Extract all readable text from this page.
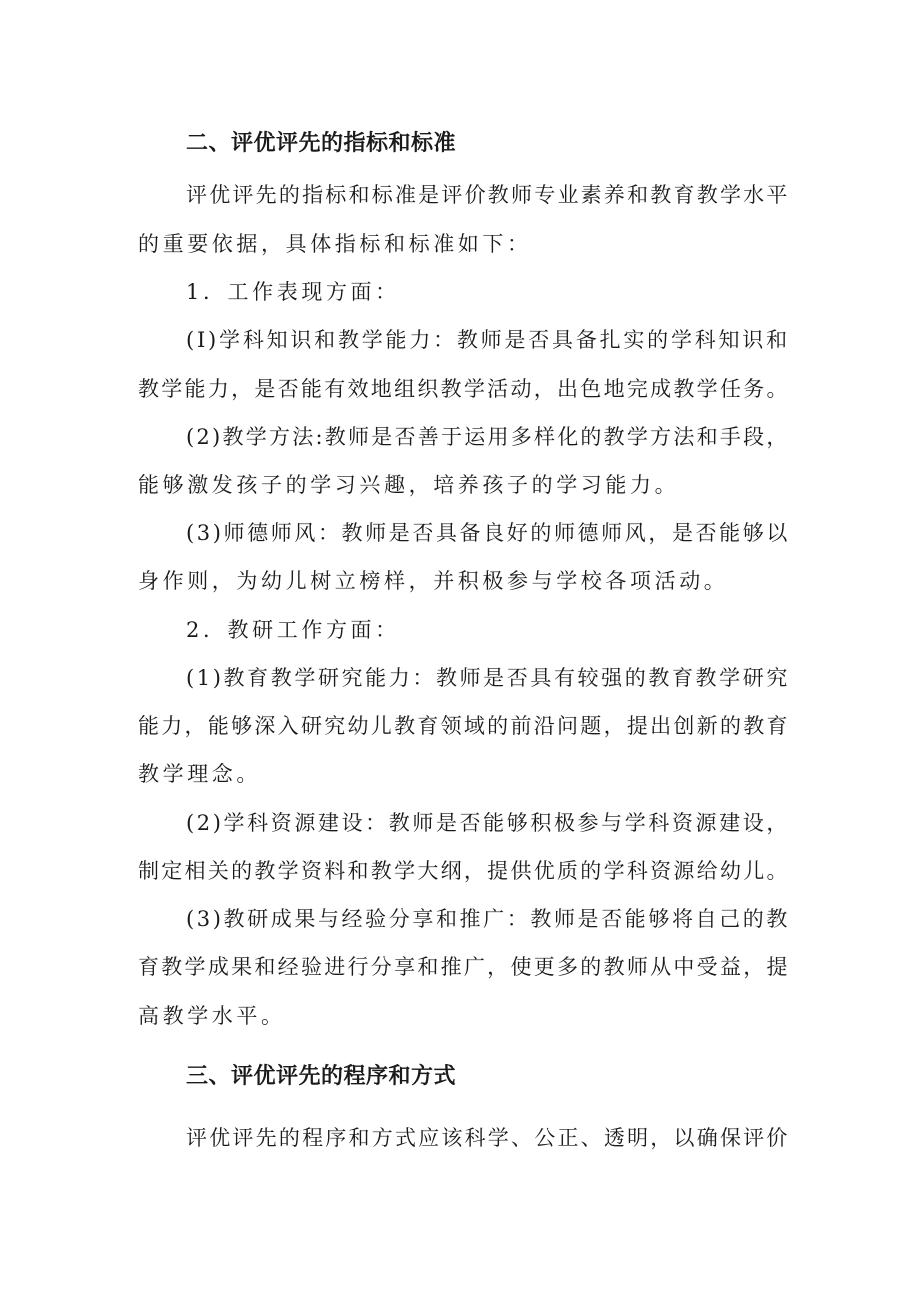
二、评优评先的指标和标准
评优评先的指标和标准是评价教师专业素养和教育教学水平
的重要依据，具体指标和标准如下：
1．工作表现方面：
(I)学科知识和教学能力：教师是否具备扎实的学科知识和
教学能力，是否能有效地组织教学活动，出色地完成教学任务。
(2)教学方法:教师是否善于运用多样化的教学方法和手段，
能够激发孩子的学习兴趣，培养孩子的学习能力。
(3)师德师风：教师是否具备良好的师德师风，是否能够以
身作则，为幼儿树立榜样，并积极参与学校各项活动。
2．教研工作方面：
(1)教育教学研究能力：教师是否具有较强的教育教学研究
能力，能够深入研究幼儿教育领域的前沿问题，提出创新的教育
教学理念。
(2)学科资源建设：教师是否能够积极参与学科资源建设，
制定相关的教学资料和教学大纲，提供优质的学科资源给幼儿。
(3)教研成果与经验分享和推广：教师是否能够将自己的教
育教学成果和经验进行分享和推广，使更多的教师从中受益，提
高教学水平。
三、评优评先的程序和方式
评优评先的程序和方式应该科学、公正、透明，以确保评价
